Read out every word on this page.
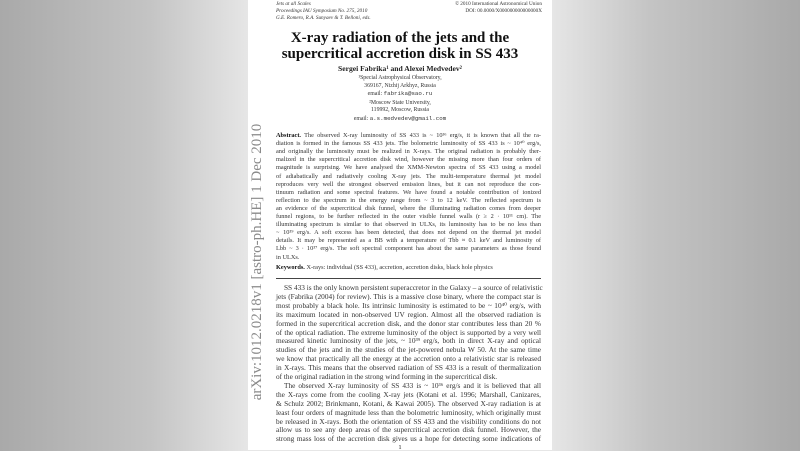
Jets at all Scales
Proceedings IAU Symposium No. 275, 2010
G.E. Romero, R.A. Sunyaev & T. Belloni, eds.
© 2010 International Astronomical Union
DOI: 00.0000/X000000000000000X
X-ray radiation of the jets and the
supercritical accretion disk in SS 433
Sergei Fabrika¹ and Alexei Medvedev²
¹Special Astrophysical Observatory,
369167, Nizhij Arkhyz, Russia
email: fabrika@sao.ru
²Moscow State University,
119992, Moscow, Russia
email: a.s.medvedev@gmail.com
Abstract. The observed X-ray luminosity of SS 433 is ~ 10³⁶ erg/s, it is known that all the ra-
diation is formed in the famous SS 433 jets. The bolometric luminosity of SS 433 is ~ 10⁴⁰ erg/s,
and originally the luminosity must be realized in X-rays. The original radiation is probably ther-
malized in the supercritical accretion disk wind, however the missing more than four orders of
magnitude is surprising. We have analysed the XMM-Newton spectra of SS 433 using a model
of adiabatically and radiatively cooling X-ray jets. The multi-temperature thermal jet model
reproduces very well the strongest observed emission lines, but it can not reproduce the con-
tinuum radiation and some spectral features. We have found a notable contribution of ionized
reflection to the spectrum in the energy range from ~ 3 to 12 keV. The reflected spectrum is
an evidence of the supercritical disk funnel, where the illuminating radiation comes from deeper
funnel regions, to be further reflected in the outer visible funnel walls (r ≥ 2 · 10¹¹ cm). The
illuminating spectrum is similar to that observed in ULXs, its luminosity has to be no less than
~ 10³⁹ erg/s. A soft excess has been detected, that does not depend on the thermal jet model
details. It may be represented as a BB with a temperature of Tbb ≈ 0.1 keV and luminosity of
Lbb ~ 3 · 10³⁷ erg/s. The soft spectral component has about the same parameters as those found
in ULXs.
Keywords. X-rays: individual (SS 433), accretion, accretion disks, black hole physics
SS 433 is the only known persistent superaccretor in the Galaxy – a source of relativistic
jets (Fabrika (2004) for review). This is a massive close binary, where the compact star is
most probably a black hole. Its intrinsic luminosity is estimated to be ~ 10⁴⁰ erg/s, with
its maximum located in non-observed UV region. Almost all the observed radiation is
formed in the supercritical accretion disk, and the donor star contributes less than 20 %
of the optical radiation. The extreme luminosity of the object is supported by a very well
measured kinetic luminosity of the jets, ~ 10³⁹ erg/s, both in direct X-ray and optical
studies of the jets and in the studies of the jet-powered nebula W 50. At the same time
we know that practically all the energy at the accretion onto a relativistic star is released
in X-rays. This means that the observed radiation of SS 433 is a result of thermalization
of the original radiation in the strong wind forming in the supercritical disk.
The observed X-ray luminosity of SS 433 is ~ 10³⁶ erg/s and it is believed that all
the X-rays come from the cooling X-ray jets (Kotani et al. 1996; Marshall, Canizares,
& Schulz 2002; Brinkmann, Kotani, & Kawai 2005). The observed X-ray radiation is at
least four orders of magnitude less than the bolometric luminosity, which originally must
be released in X-rays. Both the orientation of SS 433 and the visibility conditions do not
allow us to see any deep areas of the supercritical accretion disk funnel. However, the
strong mass loss of the accretion disk gives us a hope for detecting some indications of
1
arXiv:1012.0218v1 [astro-ph.HE] 1 Dec 2010
